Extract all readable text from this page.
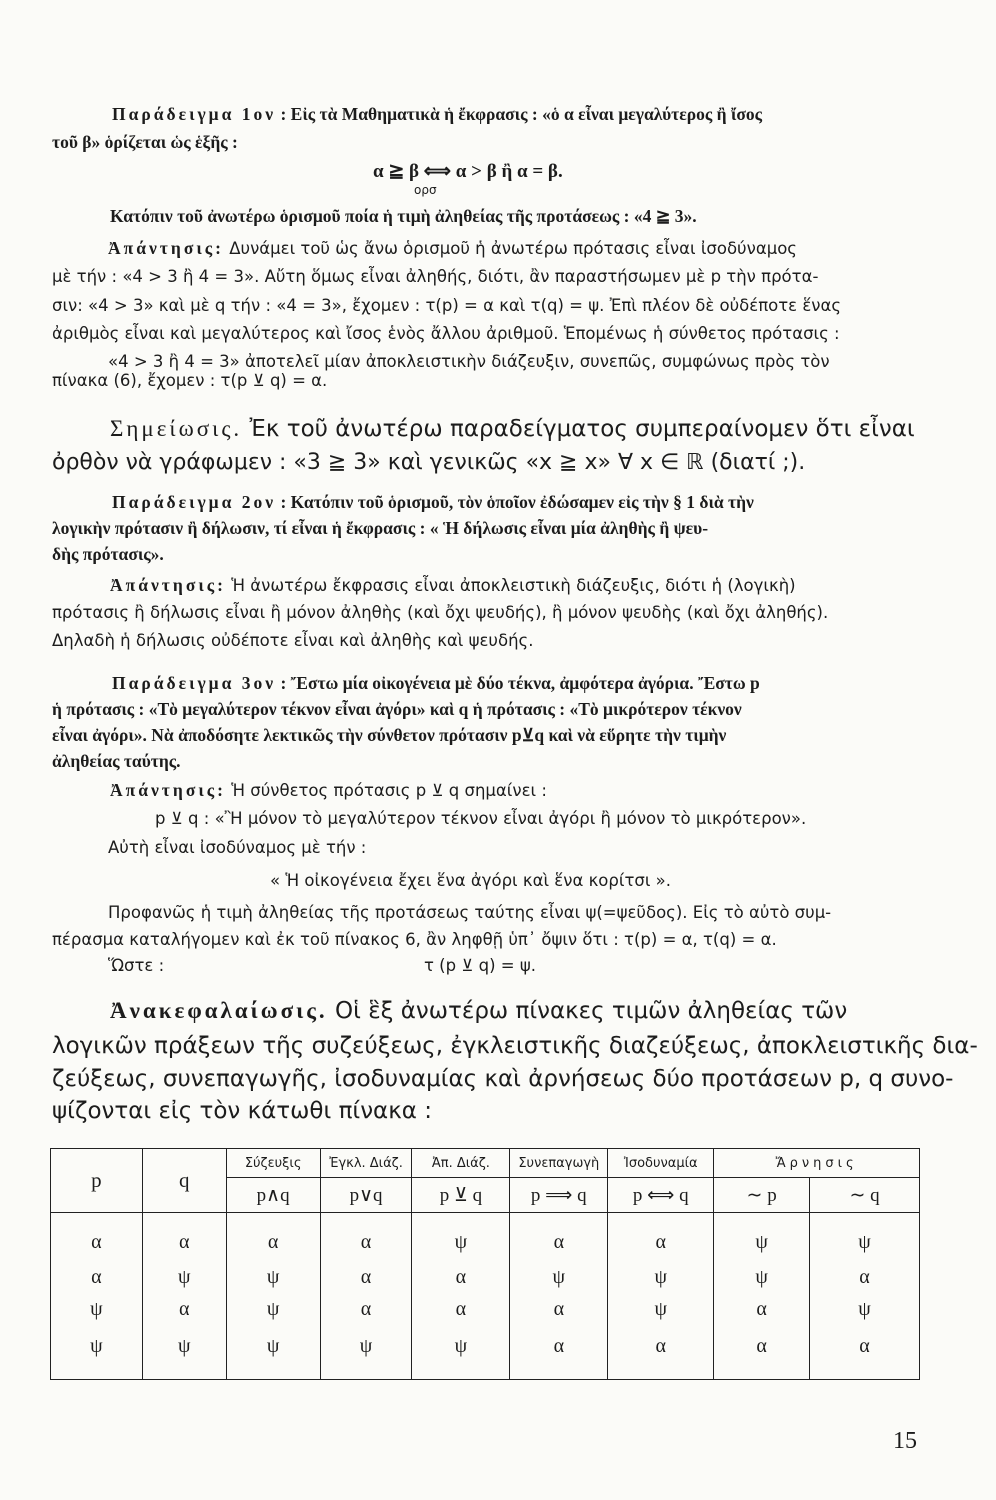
Παράδειγμα 1ον : Εἰς τὰ Μαθηματικὰ ἡ ἔκφρασις : «ὁ α εἶναι μεγαλύτερος ἢ ἴσος
τοῦ β» ὁρίζεται ὡς ἑξῆς :
α ≧ β ⟺ α > β ἢ α = β.
ορσ
Κατόπιν τοῦ ἀνωτέρω ὁρισμοῦ ποία ἡ τιμὴ ἀληθείας τῆς προτάσεως : «4 ≧ 3».
Ἀπάντησις: Δυνάμει τοῦ ὡς ἄνω ὁρισμοῦ ἡ ἀνωτέρω πρότασις εἶναι ἰσοδύναμος
μὲ τήν : «4 > 3 ἢ 4 = 3». Αὔτη ὅμως εἶναι ἀληθής, διότι, ἂν παραστήσωμεν μὲ p τὴν πρότα-
σιν: «4 > 3» καὶ μὲ q τήν : «4 = 3», ἔχομεν : τ(p) = α καὶ τ(q) = ψ. Ἐπὶ πλέον δὲ οὐδέποτε ἕνας
ἀριθμὸς εἶναι καὶ μεγαλύτερος καὶ ἴσος ἑνὸς ἄλλου ἀριθμοῦ. Ἑπομένως ἡ σύνθετος πρότασις :
«4 > 3 ἢ 4 = 3» ἀποτελεῖ μίαν ἀποκλειστικὴν διάζευξιν, συνεπῶς, συμφώνως πρὸς τὸν
πίνακα (6), ἔχομεν : τ(p ⊻ q) = α.
Σημείωσις. Ἐκ τοῦ ἀνωτέρω παραδείγματος συμπεραίνομεν ὅτι εἶναι
ὀρθὸν νὰ γράφωμεν : «3 ≧ 3» καὶ γενικῶς «x ≧ x» ∀ x ∈ ℝ (διατί ;).
Παράδειγμα 2ον : Κατόπιν τοῦ ὁρισμοῦ, τὸν ὁποῖον ἐδώσαμεν εἰς τὴν § 1 διὰ τὴν
λογικὴν πρότασιν ἢ δήλωσιν, τί εἶναι ἡ ἔκφρασις : « Ἡ δήλωσις εἶναι μία ἀληθὴς ἢ ψευ-
δὴς πρότασις».
Ἀπάντησις: Ἡ ἀνωτέρω ἔκφρασις εἶναι ἀποκλειστικὴ διάζευξις, διότι ἡ (λογικὴ)
πρότασις ἢ δήλωσις εἶναι ἢ μόνον ἀληθὴς (καὶ ὄχι ψευδής), ἢ μόνον ψευδὴς (καὶ ὄχι ἀληθής).
Δηλαδὴ ἡ δήλωσις οὐδέποτε εἶναι καὶ ἀληθὴς καὶ ψευδής.
Παράδειγμα 3ον : Ἔστω μία οἰκογένεια μὲ δύο τέκνα, ἀμφότερα ἀγόρια. Ἔστω p
ἡ πρότασις : «Τὸ μεγαλύτερον τέκνον εἶναι ἀγόρι» καὶ q ἡ πρότασις : «Τὸ μικρότερον τέκνον
εἶναι ἀγόρι». Νὰ ἀποδόσητε λεκτικῶς τὴν σύνθετον πρότασιν p⊻q καὶ νὰ εὕρητε τὴν τιμὴν
ἀληθείας ταύτης.
Ἀπάντησις: Ἡ σύνθετος πρότασις p ⊻ q σημαίνει :
p ⊻ q : «Ἢ μόνον τὸ μεγαλύτερον τέκνον εἶναι ἀγόρι ἢ μόνον τὸ μικρότερον».
Αὐτὴ εἶναι ἰσοδύναμος μὲ τήν :
« Ἡ οἰκογένεια ἔχει ἕνα ἀγόρι καὶ ἕνα κορίτσι ».
Προφανῶς ἡ τιμὴ ἀληθείας τῆς προτάσεως ταύτης εἶναι ψ(=ψεῦδος). Εἰς τὸ αὐτὸ συμ-
πέρασμα καταλήγομεν καὶ ἐκ τοῦ πίνακος 6, ἂν ληφθῇ ὑπ᾽ ὄψιν ὅτι : τ(p) = α, τ(q) = α.
Ὥστε :	τ (p ⊻ q) = ψ.
Ἀνακεφαλαίωσις. Οἱ ἓξ ἀνωτέρω πίνακες τιμῶν ἀληθείας τῶν
λογικῶν πράξεων τῆς συζεύξεως, ἐγκλειστικῆς διαζεύξεως, ἀποκλειστικῆς δια-
ζεύξεως, συνεπαγωγῆς, ἰσοδυναμίας καὶ ἀρνήσεως δύο προτάσεων p, q συνο-
ψίζονται εἰς τὸν κάτωθι πίνακα :
p	q	Σύζευξις	Ἐγκλ. Διάζ.	Ἀπ. Διάζ.	Συνεπαγωγὴ	Ἰσοδυναμία	Ἄρνησις	
		p∧q	p∨q	p ⊻ q	p ⟹ q	p ⟺ q	∼ p	∼ q
α	α	α	α	ψ	α	α	ψ	ψ
α	ψ	ψ	α	α	ψ	ψ	ψ	α
ψ	α	ψ	α	α	α	ψ	α	ψ
ψ	ψ	ψ	ψ	ψ	α	α	α	α
15
